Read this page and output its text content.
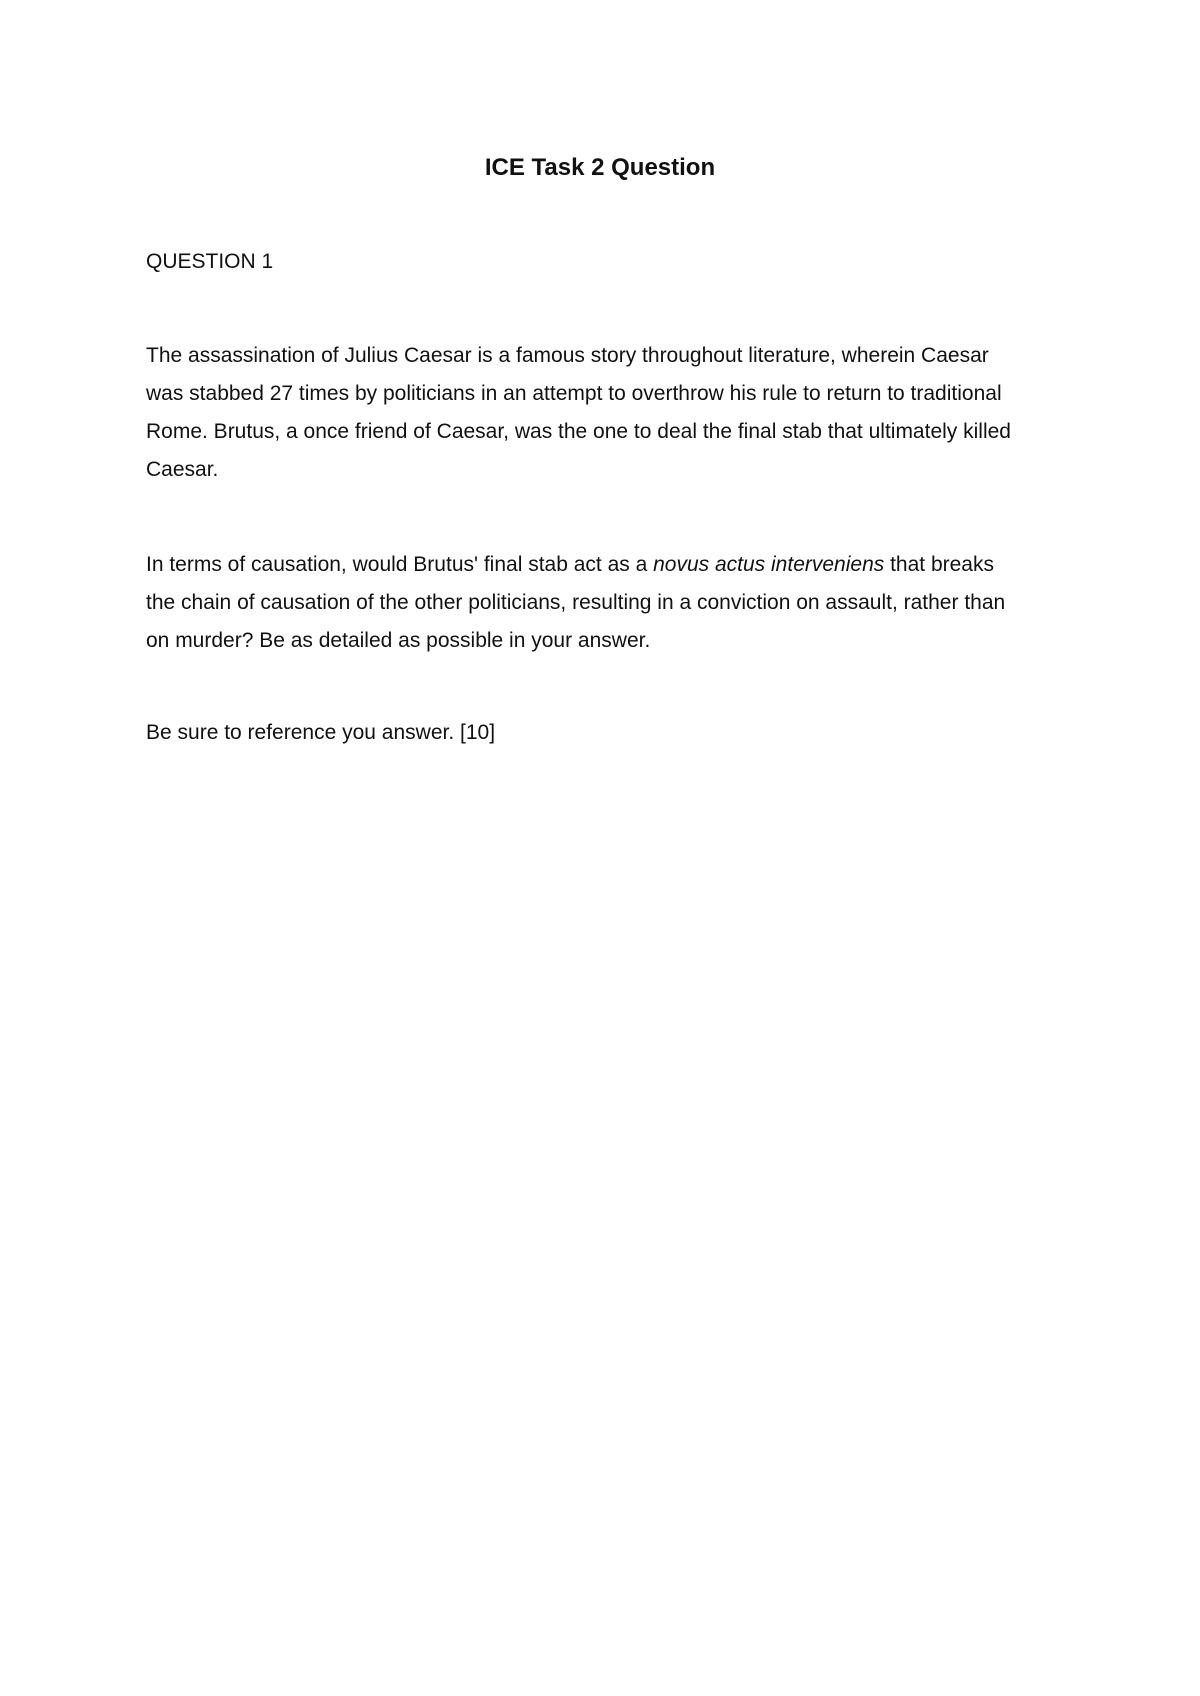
ICE Task 2 Question
QUESTION 1

The assassination of Julius Caesar is a famous story throughout literature, wherein Caesar
was stabbed 27 times by politicians in an attempt to overthrow his rule to return to traditional
Rome. Brutus, a once friend of Caesar, was the one to deal the final stab that ultimately killed
Caesar.

In terms of causation, would Brutus' final stab act as a novus actus interveniens that breaks
the chain of causation of the other politicians, resulting in a conviction on assault, rather than
on murder? Be as detailed as possible in your answer.

Be sure to reference you answer. [10]
